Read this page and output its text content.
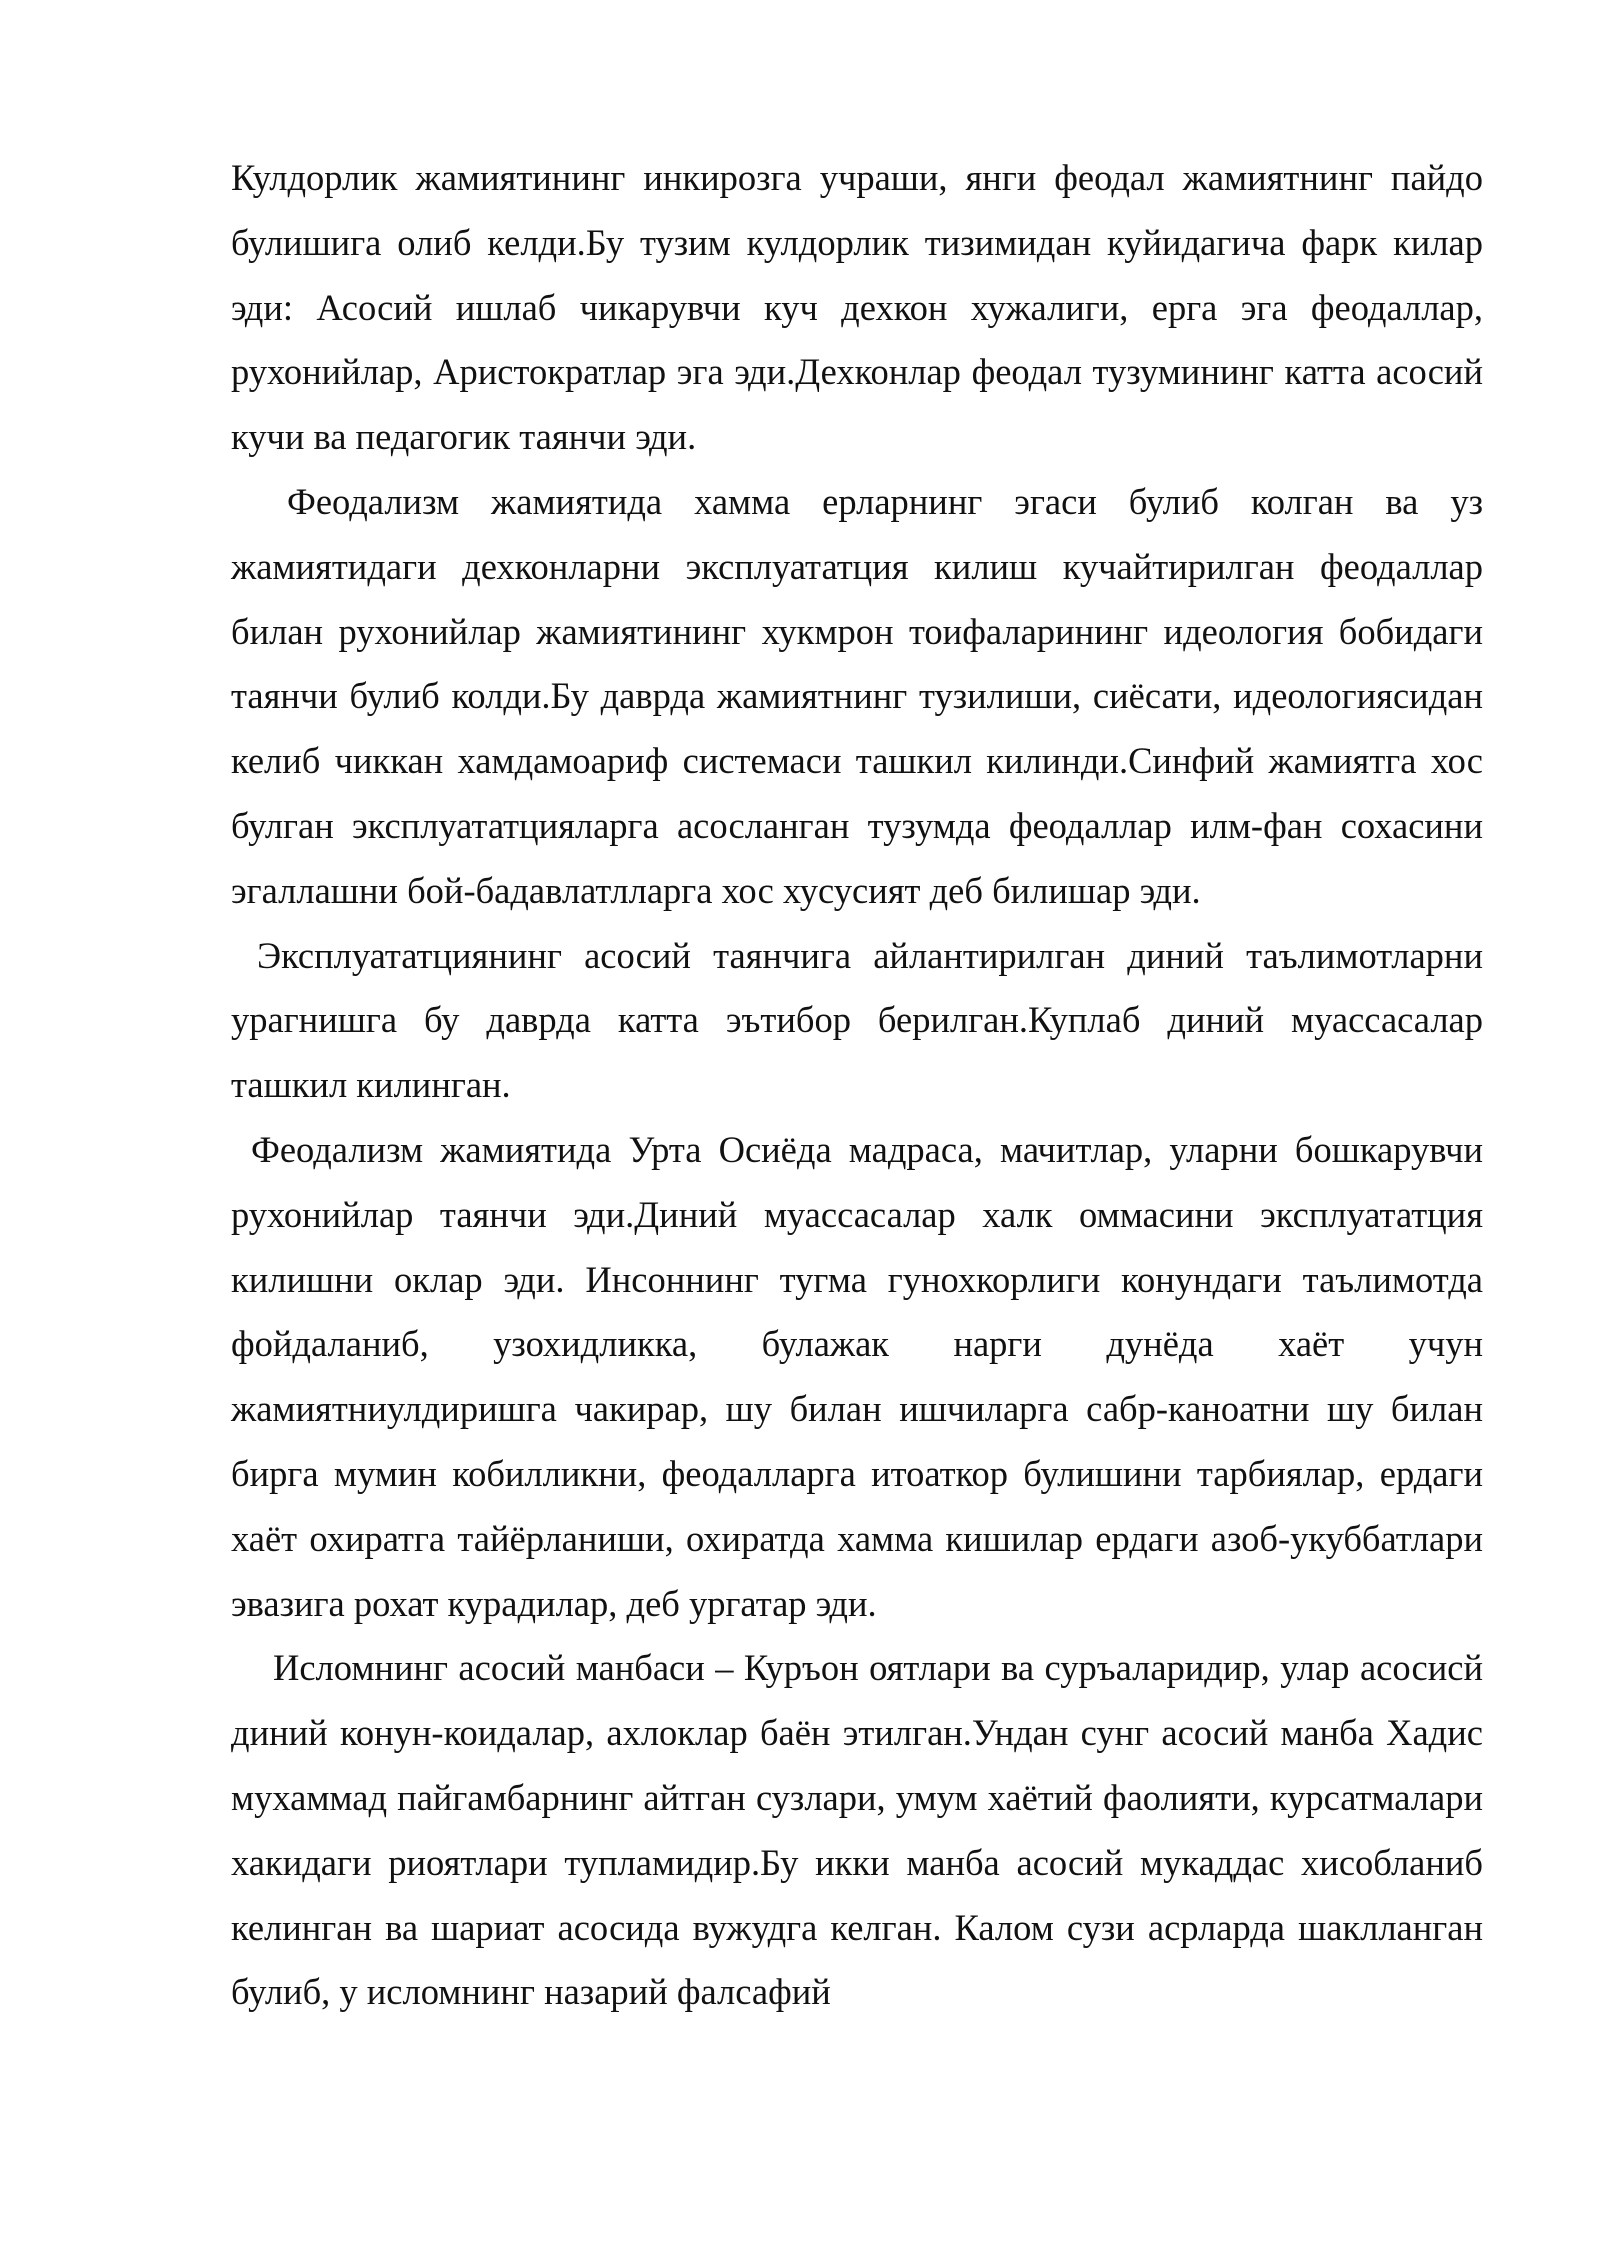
Кулдорлик жамиятининг инкирозга учраши, янги феодал жамиятнинг пайдо булишига олиб келди.Бу тузим кулдорлик тизимидан куйидагича фарк килар эди: Асосий ишлаб чикарувчи куч дехкон хужалиги, ерга эга феодаллар, рухонийлар, Аристократлар эга эди.Дехконлар феодал тузумининг катта асосий кучи ва педагогик таянчи эди.

Феодализм жамиятида хамма ерларнинг эгаси булиб колган ва уз жамиятидаги дехконларни эксплуататция килиш кучайтирилган феодаллар билан рухонийлар жамиятининг хукмрон тоифаларининг идеология бобидаги таянчи булиб колди.Бу даврда жамиятнинг тузилиши, сиёсати, идеологиясидан келиб чиккан хамдамоариф системаси ташкил килинди.Синфий жамиятга хос булган эксплуататцияларга асосланган тузумда феодаллар илм-фан сохасини эгаллашни бой-бадавлатлларга хос хусусият деб билишар эди.

Эксплуататциянинг асосий таянчига айлантирилган диний таълимотларни урагнишга бу даврда катта эътибор берилган.Куплаб диний муассасалар ташкил килинган.

Феодализм жамиятида Урта Осиёда мадраса, мачитлар, уларни бошкарувчи рухонийлар таянчи эди.Диний муассасалар халк оммасини эксплуататция килишни оклар эди. Инсоннинг тугма гунохкорлиги конундаги таълимотда фойдаланиб, узохидликка, булажак нарги дунёда хаёт учун жамиятниулдиришга чакирар, шу билан ишчиларга сабр-каноатни шу билан бирга мумин кобилликни, феодалларга итоаткор булишини тарбиялар, ердаги хаёт охиратга тайёрланиши, охиратда хамма кишилар ердаги азоб-укуббатлари эвазига рохат курадилар, деб ургатар эди.

Исломнинг асосий манбаси – Куръон оятлари ва суръаларидир, улар асосисй диний конун-коидалар, ахлоклар баён этилган.Ундан сунг асосий манба Хадис мухаммад пайгамбарнинг айтган сузлари, умум хаётий фаолияти, курсатмалари хакидаги риоятлари тупламидир.Бу икки манба асосий мукаддас хисобланиб келинган ва шариат асосида вужудга келган. Калом сузи асрларда шаклланган булиб, у исломнинг назарий фалсафий
